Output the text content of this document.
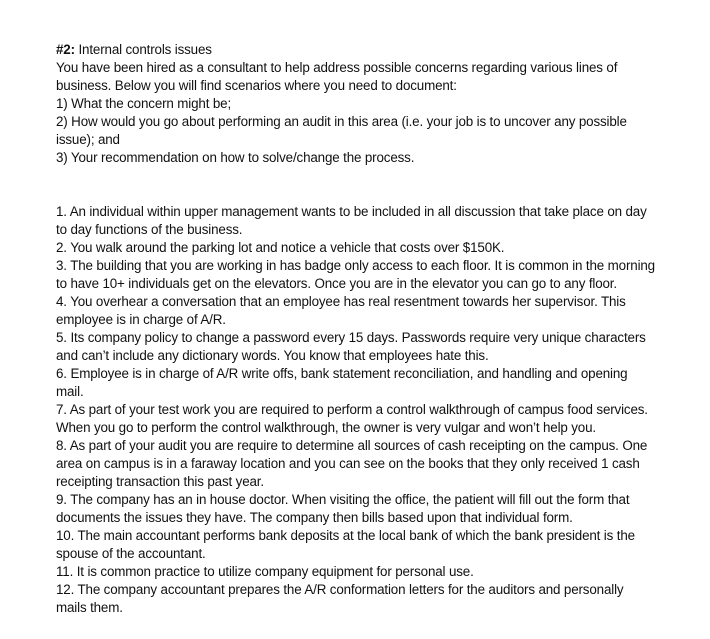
#2: Internal controls issues
You have been hired as a consultant to help address possible concerns regarding various lines of
business. Below you will find scenarios where you need to document:
1) What the concern might be;
2) How would you go about performing an audit in this area (i.e. your job is to uncover any possible
issue); and
3) Your recommendation on how to solve/change the process.
1. An individual within upper management wants to be included in all discussion that take place on day
to day functions of the business.
2. You walk around the parking lot and notice a vehicle that costs over $150K.
3. The building that you are working in has badge only access to each floor. It is common in the morning
to have 10+ individuals get on the elevators. Once you are in the elevator you can go to any floor.
4. You overhear a conversation that an employee has real resentment towards her supervisor. This
employee is in charge of A/R.
5. Its company policy to change a password every 15 days. Passwords require very unique characters
and can’t include any dictionary words. You know that employees hate this.
6. Employee is in charge of A/R write offs, bank statement reconciliation, and handling and opening
mail.
7. As part of your test work you are required to perform a control walkthrough of campus food services.
When you go to perform the control walkthrough, the owner is very vulgar and won’t help you.
8. As part of your audit you are require to determine all sources of cash receipting on the campus. One
area on campus is in a faraway location and you can see on the books that they only received 1 cash
receipting transaction this past year.
9. The company has an in house doctor. When visiting the office, the patient will fill out the form that
documents the issues they have. The company then bills based upon that individual form.
10. The main accountant performs bank deposits at the local bank of which the bank president is the
spouse of the accountant.
11. It is common practice to utilize company equipment for personal use.
12. The company accountant prepares the A/R conformation letters for the auditors and personally
mails them.
